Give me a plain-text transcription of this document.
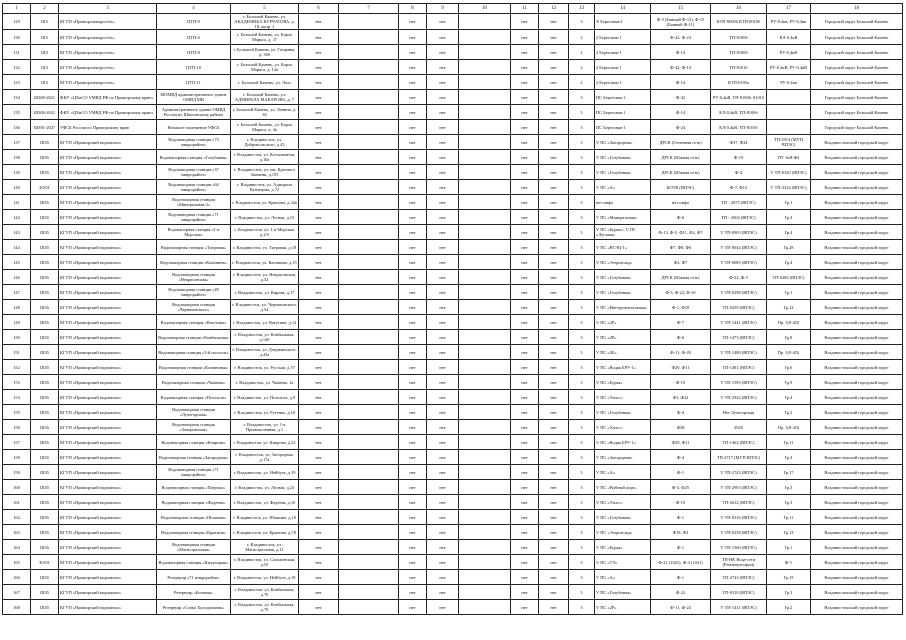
1	2	3	4	5	6	7	8	9	10	11	12	13	14	15	16	17	18
129	ШЗ	КГУП «Приморэлектросеть»	ЦТП-9	г. Большой Камень, ул. АКАДЕМИКА КУРЧАТОВА, д. 18, копр. 1	нет		нет	нет		нет	нет	3	Х Береговая-2	Ф-3 (Банный Ф-12), Ф-15 (Банный Ф-11)	КТП-8000б КТП-8010б	РУ-0,4кв, РУ-0,4кв	Городской округ Большой Камень
130	ШЗ	КГУП «Приморэлектросеть»	ЦТП-6	г. Большой Камень, ул. Карла Маркса, д. 37	нет		нет	нет		нет	нет	2	2 Береговая-1	Ф-42, Ф-24	ТП-8100б	КЛ-0,4кВ	Городской округ Большой Камень
131	ШЗ	КГУП «Приморэлектросеть»	ЦТП-8	г. Большой Камень, ул. Гагарина, д. 30б	нет		нет	нет		нет	нет	2	2 Береговая-1	Ф-14	ТП-8100б	РУ-0,4кВ	Городской округ Большой Камень
132	ШЗ	КГУП «Приморэлектросеть»	ЦТП-10	г. Большой Камень, ул. Карла Маркса, д. 14а	нет		нет	нет		нет	нет	2	2 Береговая-1	Ф-42, Ф-14	ТП-8101б	РУ-0,4кВ, РУ-0,4кВ	Городской округ Большой Камень
133	ШЗ	КГУП «Приморэлектросеть»	ЦТП-11	г. Большой Камень, ул. Лазо	нет		нет	нет		нет	нет	2	2 Береговая-1	Ф-14	КТП-8105а	РУ-0,4кв	Городской округ Большой Камень
134	ШЗ00-2021	ФКУ «ЦХиСО УМВД РФ по Приморскому краю»	МОМВД административное здание ОМВД МВ	г. Большой Камень, ул. АДМИРАЛА МАКАРОВА, д. 7	нет		нет	нет		нет	нет	3	ПС Береговая-1	Ф-42	РУ-0,4кВ, ТП-8100б, 8101б		Городской округ Большой Камень
135	ШЗ00-2021	ФКУ «ЦХиСО УМВД РФ по Приморскому краю»	Административное здание ОМВД России по Шкотовскому району	г. Большой Камень, ул. Ленина, д. 30	нет		нет	нет		нет	нет	3	ПС Береговая-1	Ф-14	КЛ-0,4кВ, ТП-8100б		Городской округ Большой Камень
136	ШЗ91-2027	УФСБ России по Приморскому краю	Нежилое помещение УФСБ	г. Большой Камень, ул. Карла Маркса, д. 4а	нет		нет	нет		нет	нет	3	ПС Береговая-1	Ф-24	КЛ-0,4кВ, ТП-8103б		Городской округ Большой Камень
137	ШЗ5	КГУП «Приморский водоканал»	Водонапорная станция «73 микрорайон»	г. Владивосток, ул. Добровольского, д.43	нет		нет	нет		нет	нет	3	V ПС «Загородная»	ДРСК (Огненная сеть)	Ф37, Ф34	ТП-2914 (МУП ВПЭС)	Владивостокский городской округ
138	ШЗ5	КГУП «Приморский водоканал»	Водонапорная станция «Голубиная»	г. Владивосток, ул. Космонавтов, д.10а	нет		нет	нет		нет	нет	3	V ПС «Голубиная»	ДРСК (Южная сеть)	Ф-19	ПУ 1кВ-Ф4	Владивостокский городской округ
139	ШЗ5	КГУП «Приморский водоканал»	Водонапорная станция «37 микрорайон»	г. Владивосток, ул. им. Красного Знамени, д.155	нет		нет	нет		нет	нет	3	V ПС «Голубиная»	ДРСК (Южная сеть)	Ф-4	V ТП-0320 (ВПЭС)	Владивостокский городской округ
140	ЗОО1	КГУП «Приморский водоканал»	Водонапорная станция «64 микрорайон»	г. Владивосток, ул. Адмирала Кузнецова, д.72	нет		нет	нет		нет	нет	3	V ПС «А»	КОТВ (ВПЭС)	Ф-7, Ф12	V ТП-2334 (ВПЭС)	Владивостокский городской округ
141	ШЗ5	КГУП «Приморский водоканал»	Водонапорная станция «Минеральная-2»	г. Владивосток, ул. Крыгина, д.34а	нет		нет	нет		нет	нет	3	нет инфо	нет инфо	ТП - 2875 (ВПЭС)	Гр.1	Владивостокский городской округ
142	ШЗ5	КГУП «Приморский водоканал»	Водонапорная станция «71 микрорайон»	г. Владивосток, ул. Лесная, д.15	нет		нет	нет		нет	нет	3	V ПС «Минеральная»	Ф-6	ТП - 2504 (ВПЭС)	Гр.4	Владивостокский городской округ
143	ШЗ5	КГУП «Приморский водоканал»	Водонапорная станция «1-я Морская»	г. Владивосток, ул. 1-я Морская, д.2/5	нет		нет	нет		нет	нет	3	V ПС «Бурые», V ПС «Луговая»	Ф-13, Ф-5, Ф11, Ф2, Ф7	V ТП-0903 (ВПЭС)	Гр.4	Владивостокский городской округ
144	ШЗ5	КГУП «Приморский водоканал»	Водонапорная станция «Тигровая»	г. Владивосток, ул. Тигровая, д.18	нет		нет	нет		нет	нет	3	V ПС «ВТЭЦ-1»	Ф7, Ф8, Ф6	V ТП-0044 (ВПЭС)	Гр.28	Владивостокский городской округ
145	ШЗ5	КГУП «Приморский водоканал»	Водонапорная станция «Калинина»	г. Владивосток, ул. Калинина, д.15	нет		нет	нет		нет	нет	3	V ПС «Эгершельд»	Ф2, Ф7	V ТП-0085 (ВПЭС)	Гр.4	Владивостокский городской округ
146	ШЗ5	КГУП «Приморский водоканал»	Водонапорная станция «Некрасовская»	г. Владивосток, ул. Некрасовская, д.52	нет		нет	нет		нет	нет	3	V ПС «Голубиная»	ДРСК (Южная сеть)	Ф-22, Ф-3	ТП-0284 (ВПЭС)	Владивостокский городской округ
147	ШЗ5	КГУП «Приморский водоканал»	Водонапорная станция «49 микрорайон»	г. Владивосток, ул. Кирова, д.17	нет		нет	нет		нет	нет	3	V ПС «Голубиная»	Ф-3, Ф-22, Ф-16	V ТП-0298 (ВПЭС)	Гр.1	Владивостокский городской округ
148	ШЗ5	КГУП «Приморский водоканал»	Водонапорная станция «Черняховского»	г. Владивосток, ул. Черняховского, д.54	нет		нет	нет		нет	нет	3	V ПС «Инструментальная»	Ф-1, Ф18	ТП-0259 (ВПЭС)	Гр.12	Владивостокский городской округ
149	ШЗ5	КГУП «Приморский водоканал»	Водонапорная станция «Ватутина»	г. Владивосток, ул. Ватутина, д.12	нет		нет	нет		нет	нет	3	V ПС «2Р»	Ф-7	V ТП-1441 (ВПЭС)	Пр. 1(0-4Л)	Владивостокский городской округ
150	ШЗ5	КГУП «Приморский водоканал»	Водонапорная станция «Ковбыльная»	г. Владивосток, ул. Ковбыльная, д.14б	нет		нет	нет		нет	нет	3	V ПС «2Р»	Ф-6	ТП-1473 (ВПЭС)	Гр.8	Владивостокский городской округ
151	ШЗ5	КГУП «Приморский водоканал»	Водонапорная станция «3-й поселок»	г. Владивосток, ул. Дзержинского, д.43а	нет		нет	нет		нет	нет	3	V ПС «2Е»	Ф-11, Ф-20	V ТП-1480 (ВПЭС)	Пр. 1(0-4Л)	Владивостокский городской округ
152	ШЗ5	КГУП «Приморский водоканал»	Водонапорная станция «Клиничная»	г. Владивосток, ул. Русская, д.57	нет		нет	нет		нет	нет	3	V ПС «Водяк БРУ-1»	Ф29, Ф11	ТП-1481 (ВПЭС)	Гр.6	Владивостокский городской округ
153	ШЗ5	КГУП «Приморский водоканал»	Водонапорная станция «Чапаева»	г. Владивосток, ул. Чапаева, 1а	нет		нет	нет		нет	нет	3	V ПС «Бурая»	Ф-15	V ТП-1595 (ВПЭС)	Гр.9	Владивостокский городской округ
154	ШЗ5	КГУП «Приморский водоканал»	Водонапорная станция «Позолота»	г. Владивосток, ул. Позолота, д.9	нет		нет	нет		нет	нет	3	V ПС «Улисс»	Ф3, Ф22	V ТП-2922 (ВПЭС)	Гр.4	Владивостокский городской округ
155	ШЗ5	КГУП «Приморский водоканал»	Водонапорная станция «Лучегорская»	г. Владивосток, ул. Рутенко, д.10	нет		нет	нет		нет	нет	3	V ПС «Голубиная»	Ф-4	Нет Лучегорская	Гр.2	Владивостокский городской округ
156	ШЗ5	КГУП «Приморский водоканал»	Водонапорная станция «Запорожская»	г. Владивосток, ул. 1-я Промышленная, д.1	нет		нет	нет		нет	нет	3	V ПС «Улисс»	Ф38	2920	Пр. 1(0-4Л)	Владивостокский городской округ
157	ШЗ5	КГУП «Приморский водоканал»	Водонапорная станция «Кипрова»	г. Владивосток, ул. Кипрова, д.52	нет		нет	нет		нет	нет	3	V ПС «Водяк БРУ-1»	Ф29, Ф11	ТП-1462 (ВПЭС)	Гр.11	Владивостокский городской округ
158	ШЗ5	КГУП «Приморский водоканал»	Водонапорная станция «Загородная»	г. Владивосток, ул. Загородная, д.17а	нет		нет	нет		нет	нет	3	V ПС «Загородная»	Ф-4	ТП-2717 (МУП ВПЭС)	Гр.4	Владивостокский городской округ
159	ШЗ5	КГУП «Приморский водоканал»	Водонапорная станция «71 микрорайон»	г. Владивосток, ул. Нейбута, д.19	нет		нет	нет		нет	нет	3	V ПС «А»	Ф-1	V ТП-2743 (ВПЭС)	Гр.17	Владивостокский городской округ
160	ШЗ5	КГУП «Приморский водоканал»	Водонапорная станция «Патрокл»	г. Владивосток, ул. Лесная, д.23	нет		нет	нет		нет	нет	3	V ПС «Рыбный порт»	Ф-3, Ф25	V ТП-2903 (ВПЭС)	Гр.3	Владивостокский городской округ
161	ШЗ5	КГУП «Приморский водоканал»	Водонапорная станция «Фадеева»	г. Владивосток, ул. Фадеева, д.10	нет		нет	нет		нет	нет	3	V ПС «Улисс»	Ф-15	ТП-2612 (ВПЭС)	Гр.3	Владивостокский городской округ
162	ШЗ5	КГУП «Приморский водоканал»	Водонапорная станция «Шошина»	г. Владивосток, ул. Шошина, д.10	нет		нет	нет		нет	нет	3	V ПС «Голубиная»	Ф-1	V ТП-0316 (ВПЭС)	Гр.11	Владивостокский городской округ
163	ШЗ5	КГУП «Приморский водоканал»	Водонапорная станция «Крыгина»	г. Владивосток, ул. Крыгина, д.78	нет		нет	нет		нет	нет	3	V ПС «Эгершельд»	Ф18, Ф2	V ТП-0258 (ВПЭС)	Гр.13	Владивостокский городской округ
164	ШЗ5	КГУП «Приморский водоканал»	Водонапорная станция «Магистральная»	г. Владивосток, ул. Магистральная, д.11	нет		нет	нет		нет	нет	3	V ПС «Бурая»	Ф-1	V ТП-1560 (ВПЭС)	Гр.1	Владивостокский городской округ
165	ЗОО1	КГУП «Приморский водоканал»	Водонапорная станция «Кэндзоцкая»	г. Владивосток, ул. Сахалинская, д.55	нет		нет	нет		нет	нет	3	V ПС «ТЭ»	Ф-21 (1041), Ф-4 (1041)	ТП-НК Вода-сети (Ремэнергопром)	Ф-1	Владивостокский городской округ
166	ШЗ5	КГУП «Приморский водоканал»	Резервуар «71 микрорайон»	г. Владивосток, ул. Нейбута, д.18	нет		нет	нет		нет	нет	3	V ПС «А»	Ф-1	ТП-2743 (ВПЭС)	Гр.15	Владивостокский городской округ
167	ШЗ5	КГУП «Приморский водоканал»	Резервуар «Бичевая»	г. Владивосток, ул. Ковбыльная, д.70	нет		нет	нет		нет	нет	3	V ПС «Голубиная»	Ф-22	ТП-0310 (ВПЭС)	Гр.3	Владивостокский городской округ
168	ШЗ5	КГУП «Приморский водоканал»	Резервуар «Сопка Холодильник»	г. Владивосток, ул. Ковбыльная, д.70	нет		нет	нет		нет	нет	3	V ПС «2Р»	Ф-11, Ф-24	V ТП-1431 (ВПЭС)	Гр.2	Владивостокский городской округ
